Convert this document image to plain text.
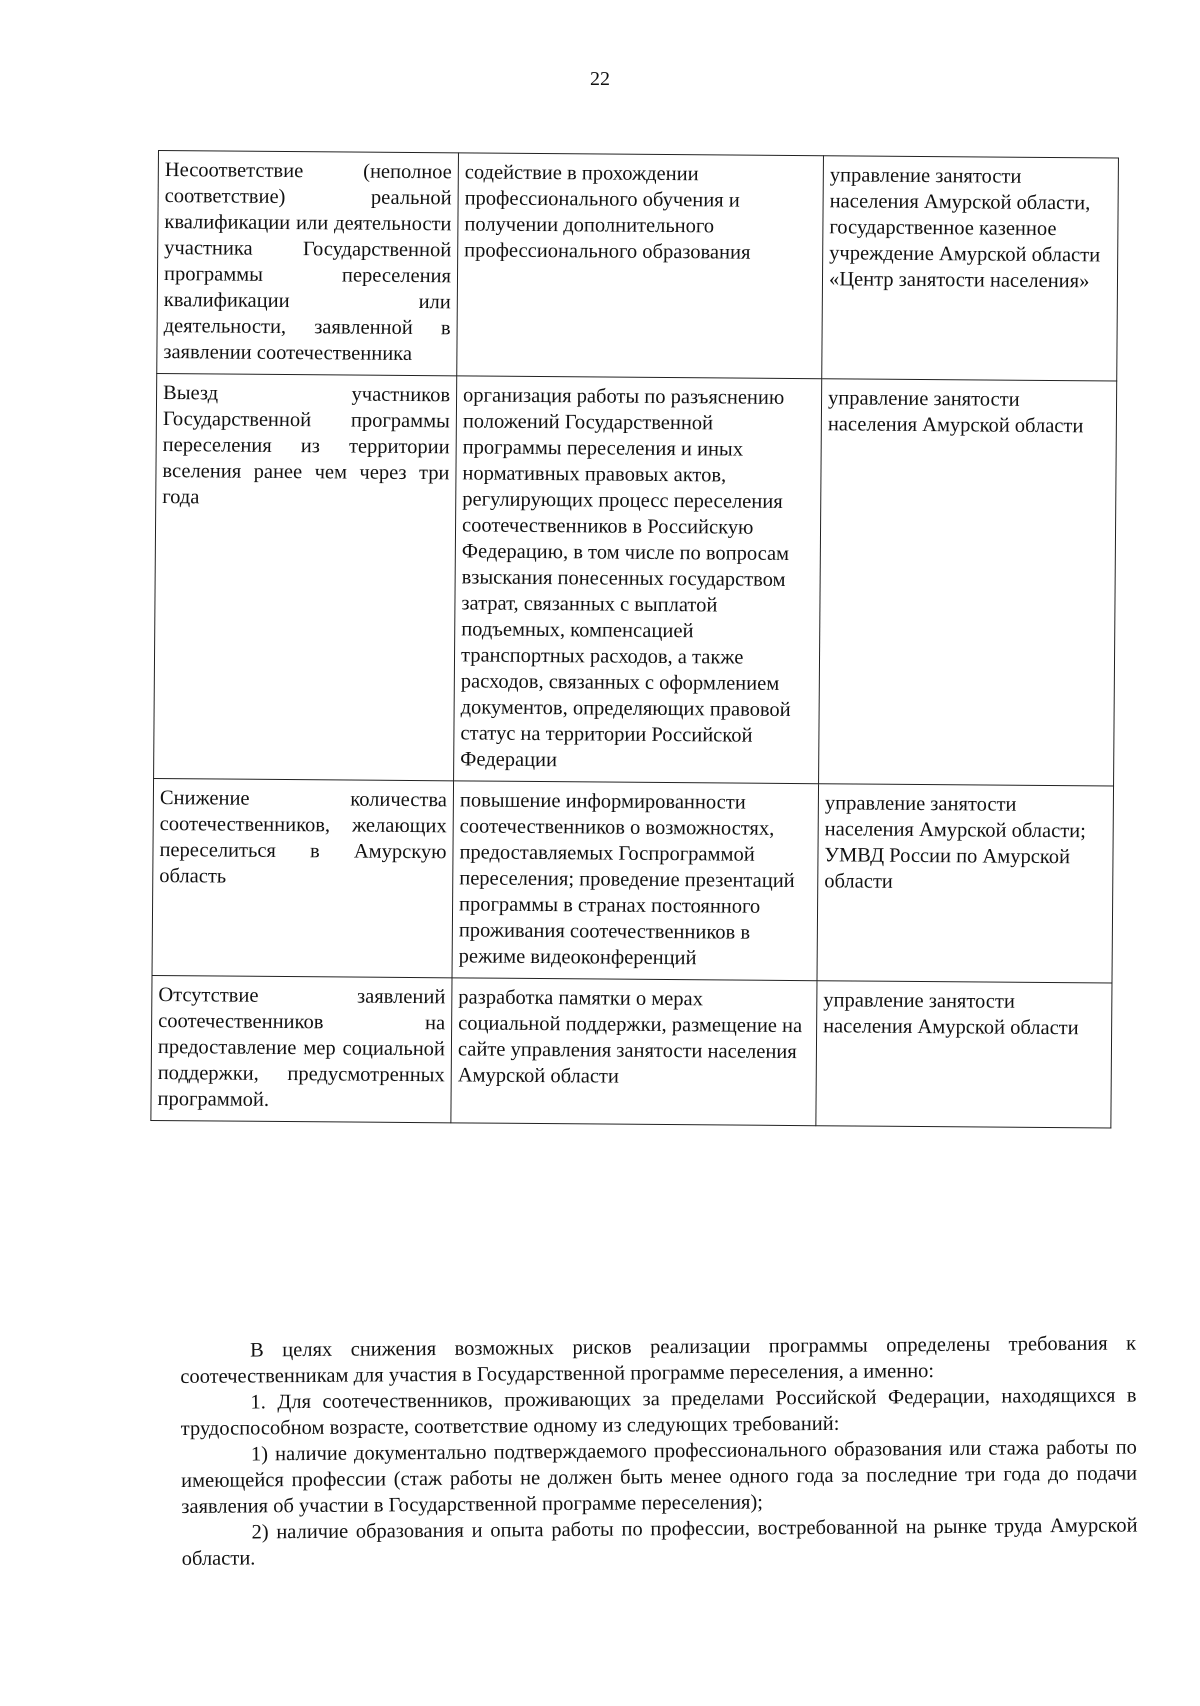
22
Несоответствие (неполное соответствие) реальной квалификации или деятельности участника Государственной программы переселения квалификации или деятельности, заявленной в заявлении соотечественника	содействие в прохождении профессионального обучения и получении дополнительного профессионального образования	управление занятости населения Амурской области, государственное казенное учреждение Амурской области «Центр занятости населения»
Выезд участников Государственной программы переселения из территории вселения ранее чем через три года	организация работы по разъяснению положений Государственной программы переселения и иных нормативных правовых актов, регулирующих процесс переселения соотечественников в Российскую Федерацию, в том числе по вопросам взыскания понесенных государством затрат, связанных с выплатой подъемных, компенсацией транспортных расходов, а также расходов, связанных с оформлением документов, определяющих правовой статус на территории Российской Федерации	управление занятости населения Амурской области
Снижение количества соотечественников, желающих переселиться в Амурскую область	повышение информированности соотечественников о возможностях, предоставляемых Госпрограммой переселения; проведение презентаций программы в странах постоянного проживания соотечественников в режиме видеоконференций	управление занятости населения Амурской области; УМВД России по Амурской области
Отсутствие заявлений соотечественников на предоставление мер социальной поддержки, предусмотренных программой.	разработка памятки о мерах социальной поддержки, размещение на сайте управления занятости населения Амурской области	управление занятости населения Амурской области

В целях снижения возможных рисков реализации программы определены требования к соотечественникам для участия в Государственной программе переселения, а именно:

1. Для соотечественников, проживающих за пределами Российской Федерации, находящихся в трудоспособном возрасте, соответствие одному из следующих требований:

1) наличие документально подтверждаемого профессионального образования или стажа работы по имеющейся профессии (стаж работы не должен быть менее одного года за последние три года до подачи заявления об участии в Государственной программе переселения);

2) наличие образования и опыта работы по профессии, востребованной на рынке труда Амурской области.
